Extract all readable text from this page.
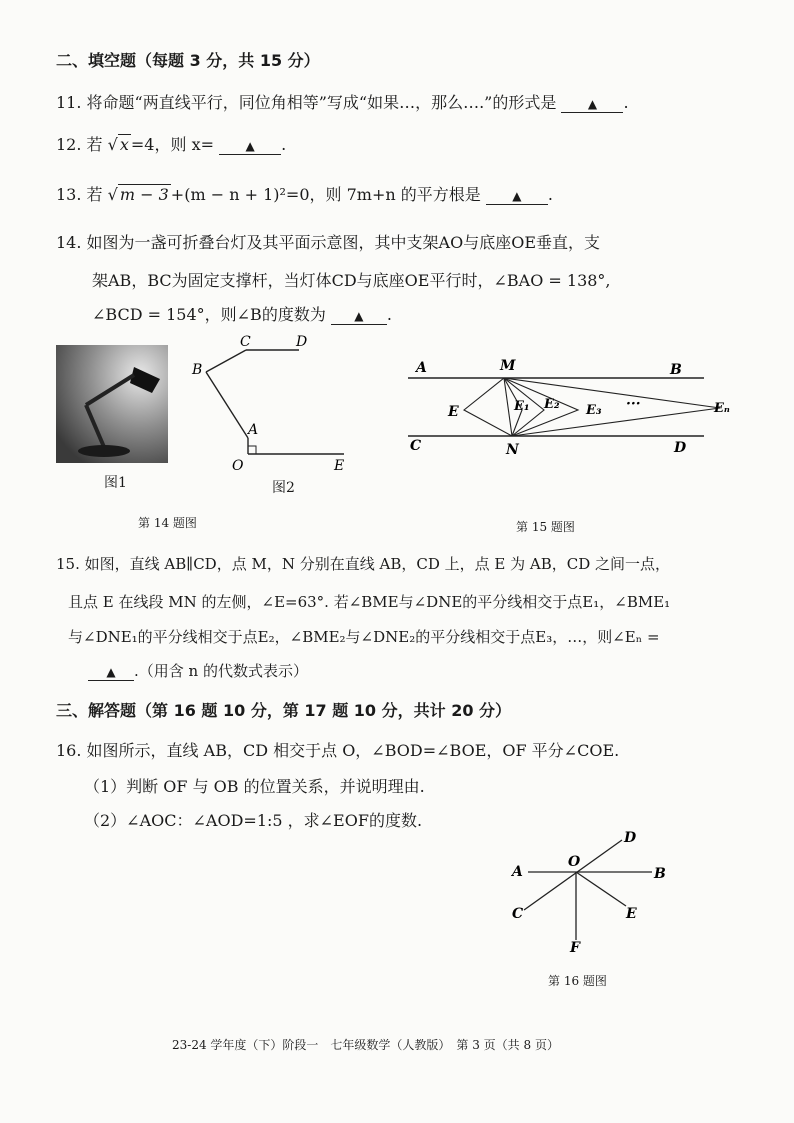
二、填空题（每题 3 分，共 15 分）
11. 将命题“两直线平行，同位角相等”写成“如果…，那么….”的形式是	▲ .
12. 若 √ x =4，则 x=	▲ .
13. 若 √ m − 3 +(m − n + 1)²=0，则 7m+n 的平方根是	▲ .
14. 如图为一盏可折叠台灯及其平面示意图，其中支架AO与底座OE垂直，支
架AB，BC为固定支撑杆，当灯体CD与底座OE平行时，∠BAO = 138°,
∠BCD = 154°，则∠B的度数为 ▲ .
图1
B
C	D
A
O	E
图2
第 14 题图
A	M	B
E	E₁ E₂ E₃ ···	Eₙ
C	N	D
第 15 题图
15. 如图，直线 AB∥CD，点 M，N 分别在直线 AB，CD 上，点 E 为 AB，CD 之间一点，
且点 E 在线段 MN 的左侧，∠E=63°. 若∠BME与∠DNE的平分线相交于点E₁，∠BME₁
与∠DNE₁的平分线相交于点E₂，∠BME₂与∠DNE₂的平分线相交于点E₃，…，则∠Eₙ =
▲ .（用含 n 的代数式表示）
三、解答题（第 16 题 10 分，第 17 题 10 分，共计 20 分）
16. 如图所示，直线 AB，CD 相交于点 O，∠BOD=∠BOE，OF 平分∠COE.
（1）判断 OF 与 OB 的位置关系，并说明理由.
（2）∠AOC：∠AOD=1:5 ，求∠EOF的度数.
D
A
O
B
C	E
F
第 16 题图
23-24 学年度（下）阶段一　七年级数学（人教版）　第 3 页（共 8 页）
